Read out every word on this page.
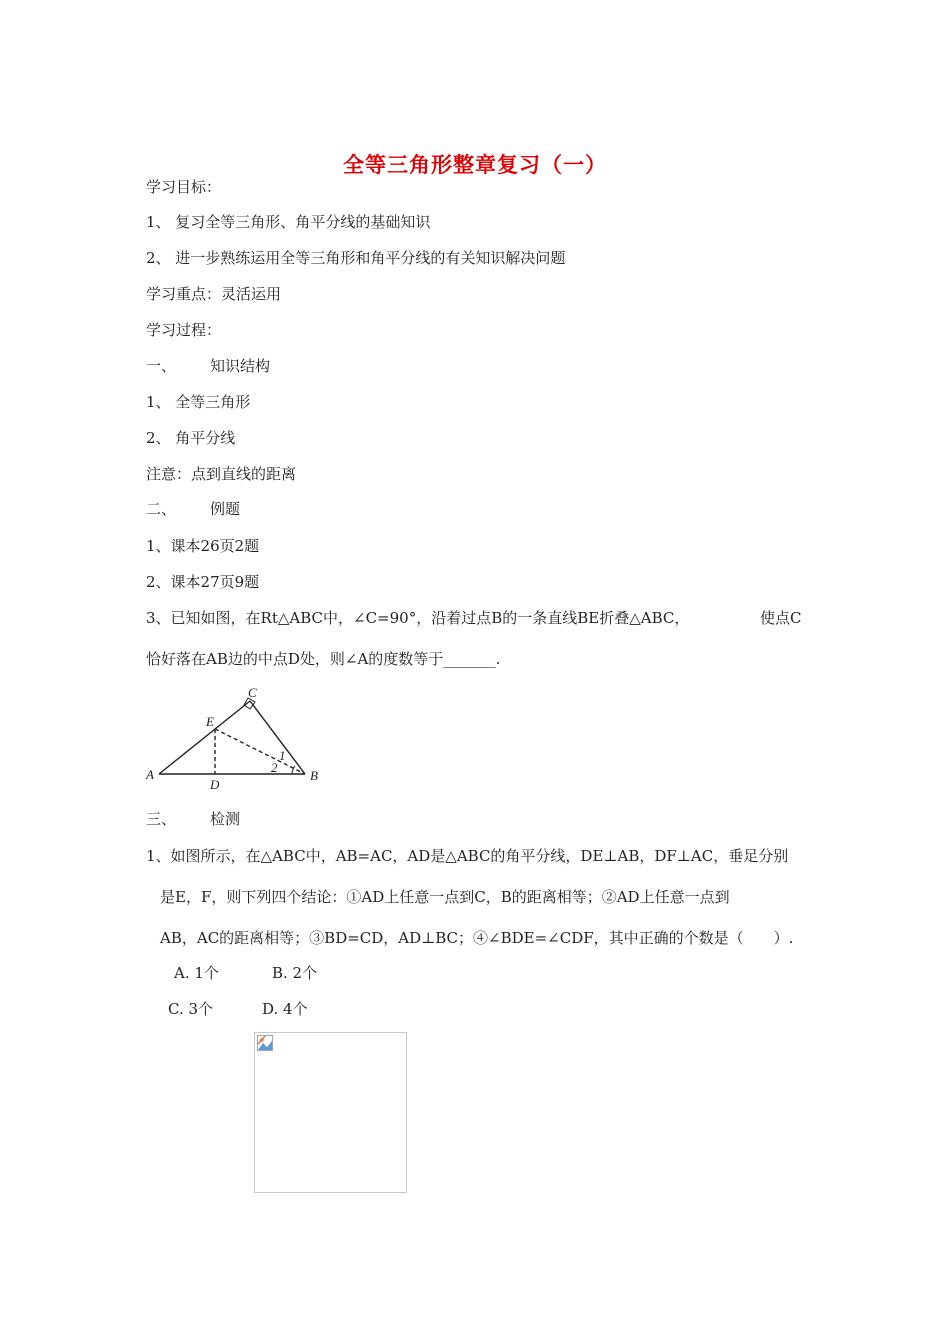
全等三角形整章复习（一）
学习目标：
1、 复习全等三角形、角平分线的基础知识
2、 进一步熟练运用全等三角形和角平分线的有关知识解决问题
学习重点：灵活运用
学习过程：
一、 知识结构
1、 全等三角形
2、 角平分线
注意：点到直线的距离
二、 例题
1、课本26页2题
2、课本27页9题
3、已知如图，在Rt△ABC中，∠C=90°，沿着过点B的一条直线BE折叠△ABC，	使点C
恰好落在AB边的中点D处，则∠A的度数等于_______.
A	B
C
D
E
1
2
三、 检测
1、如图所示，在△ABC中，AB=AC，AD是△ABC的角平分线，DE⊥AB，DF⊥AC，垂足分别
是E，F，则下列四个结论：①AD上任意一点到C，B的距离相等；②AD上任意一点到
AB，AC的距离相等；③BD=CD，AD⊥BC；④∠BDE=∠CDF，其中正确的个数是（　　）.
A. 1个	B. 2个
C. 3个	D. 4个
